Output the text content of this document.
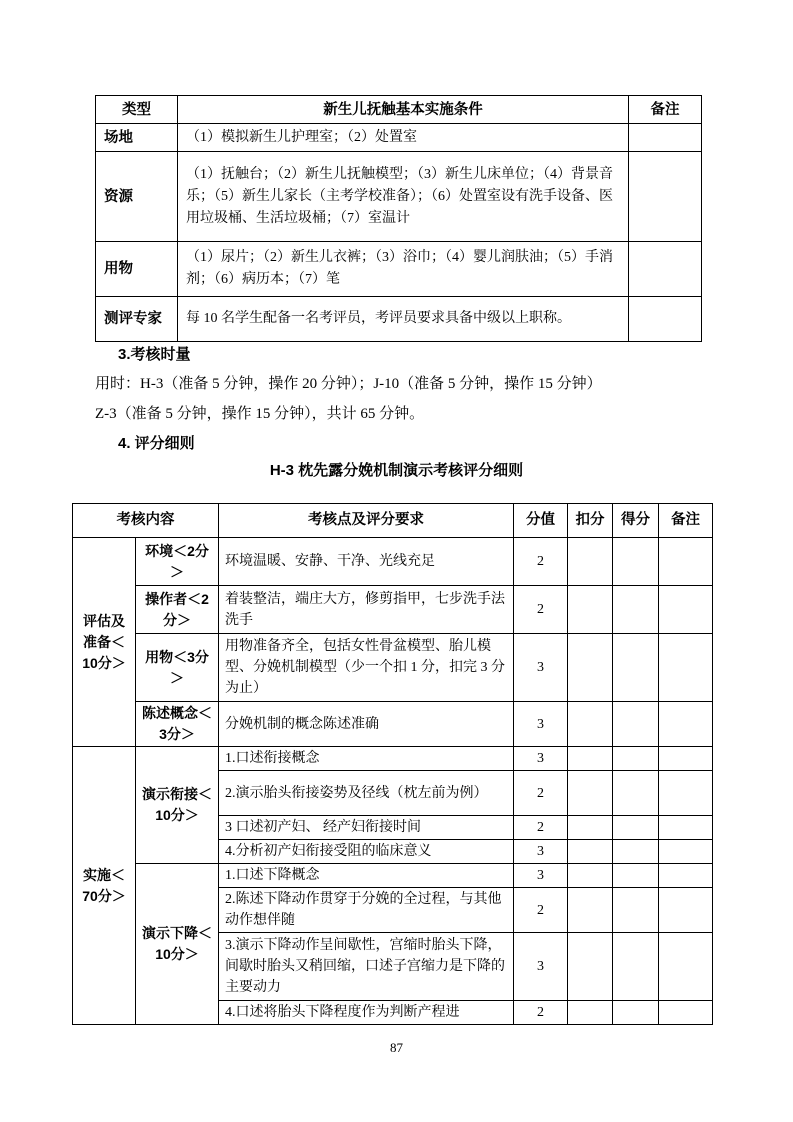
类型	新生儿抚触基本实施条件	备注
场地	（1）模拟新生儿护理室；（2）处置室	
资源	（1）抚触台；（2）新生儿抚触模型；（3）新生儿床单位；（4）背景音乐；（5）新生儿家长（主考学校准备）；（6）处置室设有洗手设备、医用垃圾桶、生活垃圾桶；（7）室温计	
用物	（1）尿片；（2）新生儿衣裤；（3）浴巾；（4）婴儿润肤油；（5）手消剂；（6）病历本；（7）笔	
测评专家	每 10 名学生配备一名考评员，考评员要求具备中级以上职称。	

3.考核时量

用时：H-3（准备 5 分钟，操作 20 分钟）；J-10（准备 5 分钟，操作 15 分钟）

Z-3（准备 5 分钟，操作 15 分钟），共计 65 分钟。

4. 评分细则

H-3 枕先露分娩机制演示考核评分细则

考核内容		考核点及评分要求	分值	扣分	得分	备注
评估及准备＜10分＞	环境＜2分＞	环境温暖、安静、干净、光线充足	2			
	操作者＜2分＞	着装整洁，端庄大方，修剪指甲，七步洗手法洗手	2			
	用物＜3分＞	用物准备齐全，包括女性骨盆模型、胎儿模型、分娩机制模型（少一个扣 1 分，扣完 3 分为止）	3			
	陈述概念＜3分＞	分娩机制的概念陈述准确	3			
实施＜70分＞	演示衔接＜10分＞	1.口述衔接概念	3			
		2.演示胎头衔接姿势及径线（枕左前为例）	2			
		3 口述初产妇、 经产妇衔接时间	2			
		4.分析初产妇衔接受阻的临床意义	3			
	演示下降＜10分＞	1.口述下降概念	3			
		2.陈述下降动作贯穿于分娩的全过程，与其他动作想伴随	2			
		3.演示下降动作呈间歇性，宫缩时胎头下降，间歇时胎头又稍回缩，口述子宫缩力是下降的主要动力	3			
		4.口述将胎头下降程度作为判断产程进	2			
87
